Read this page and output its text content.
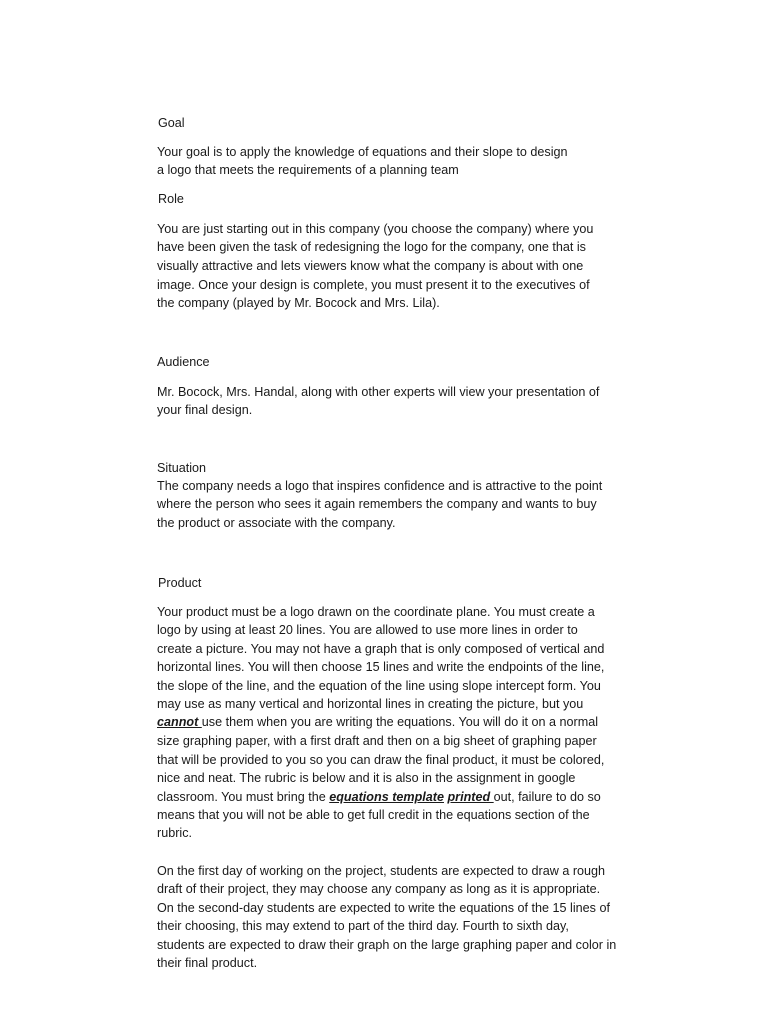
Goal

Your goal is to apply the knowledge of equations and their slope to design

a logo that meets the requirements of a planning team

Role

You are just starting out in this company (you choose the company) where you

have been given the task of redesigning the logo for the company, one that is

visually attractive and lets viewers know what the company is about with one

image. Once your design is complete, you must present it to the executives of

the company (played by Mr. Bocock and Mrs. Lila).

Audience

Mr. Bocock, Mrs. Handal, along with other experts will view your presentation of

your final design.

Situation

The company needs a logo that inspires confidence and is attractive to the point

where the person who sees it again remembers the company and wants to buy

the product or associate with the company.

Product

Your product must be a logo drawn on the coordinate plane. You must create a

logo by using at least 20 lines. You are allowed to use more lines in order to

create a picture. You may not have a graph that is only composed of vertical and

horizontal lines. You will then choose 15 lines and write the endpoints of the line,

the slope of the line, and the equation of the line using slope intercept form. You

may use as many vertical and horizontal lines in creating the picture, but you

cannot use them when you are writing the equations. You will do it on a normal

size graphing paper, with a first draft and then on a big sheet of graphing paper

that will be provided to you so you can draw the final product, it must be colored,

nice and neat. The rubric is below and it is also in the assignment in google

classroom. You must bring the equations template printed out, failure to do so

means that you will not be able to get full credit in the equations section of the

rubric.

On the first day of working on the project, students are expected to draw a rough

draft of their project, they may choose any company as long as it is appropriate.

On the second-day students are expected to write the equations of the 15 lines of

their choosing, this may extend to part of the third day. Fourth to sixth day,

students are expected to draw their graph on the large graphing paper and color in

their final product.
